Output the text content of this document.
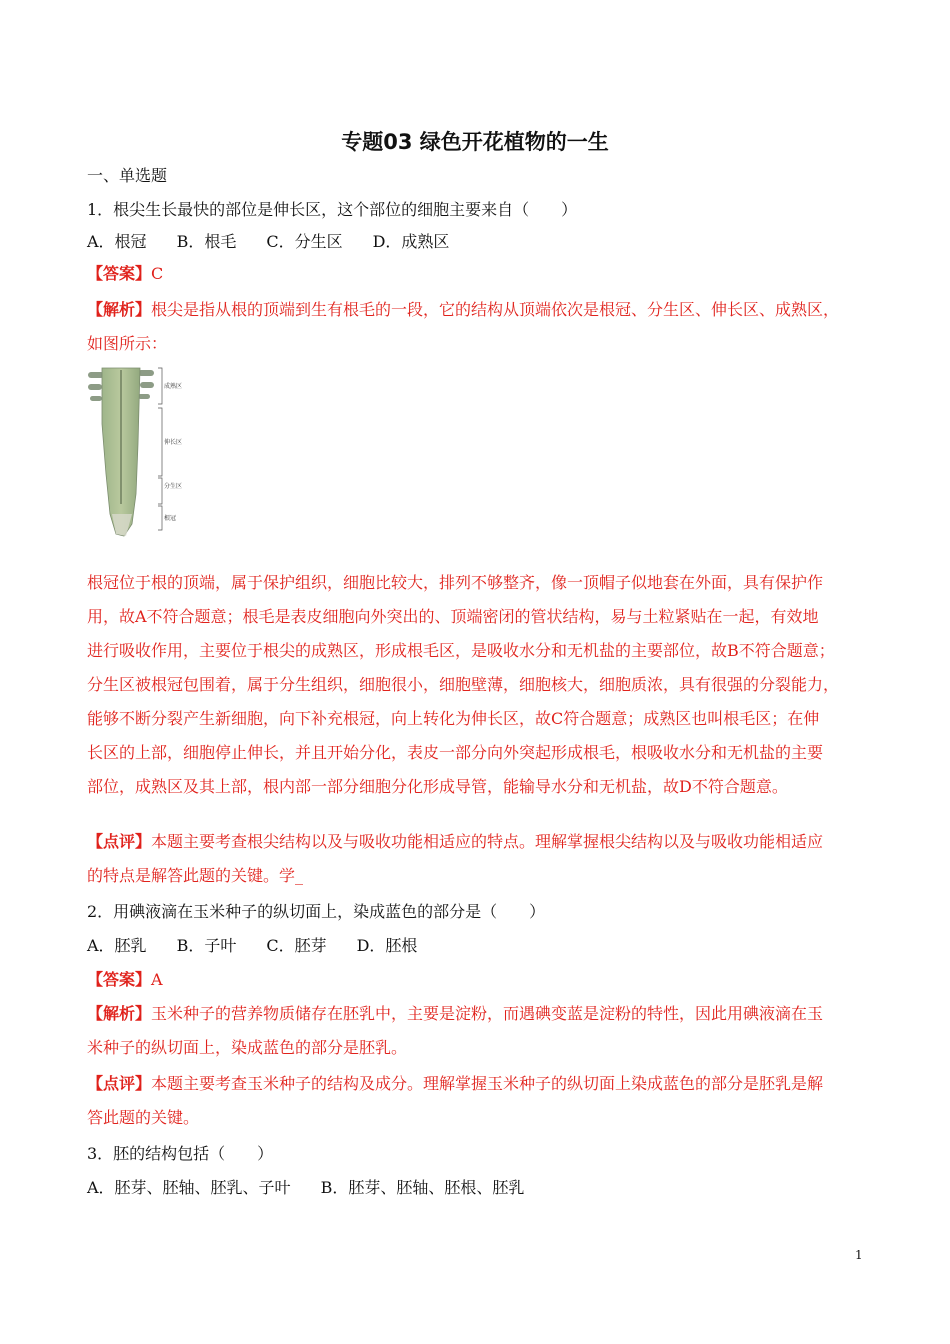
专题03 绿色开花植物的一生
一、单选题
1．根尖生长最快的部位是伸长区，这个部位的细胞主要来自（　　）
A．根冠 B．根毛 C．分生区 D．成熟区
【答案】C
【解析】根尖是指从根的顶端到生有根毛的一段，它的结构从顶端依次是根冠、分生区、伸长区、成熟区，
如图所示：
成熟区
伸长区
分生区
根冠
根冠位于根的顶端，属于保护组织，细胞比较大，排列不够整齐，像一顶帽子似地套在外面，具有保护作
用，故A不符合题意；根毛是表皮细胞向外突出的、顶端密闭的管状结构，易与土粒紧贴在一起，有效地
进行吸收作用，主要位于根尖的成熟区，形成根毛区，是吸收水分和无机盐的主要部位，故B不符合题意；
分生区被根冠包围着，属于分生组织，细胞很小，细胞壁薄，细胞核大，细胞质浓，具有很强的分裂能力，
能够不断分裂产生新细胞，向下补充根冠，向上转化为伸长区，故C符合题意；成熟区也叫根毛区；在伸
长区的上部，细胞停止伸长，并且开始分化，表皮一部分向外突起形成根毛，根吸收水分和无机盐的主要
部位，成熟区及其上部，根内部一部分细胞分化形成导管，能输导水分和无机盐，故D不符合题意。
【点评】本题主要考查根尖结构以及与吸收功能相适应的特点。理解掌握根尖结构以及与吸收功能相适应
的特点是解答此题的关键。学_
2．用碘液滴在玉米种子的纵切面上，染成蓝色的部分是（　　）
A．胚乳 B．子叶 C．胚芽 D．胚根
【答案】A
【解析】玉米种子的营养物质储存在胚乳中，主要是淀粉，而遇碘变蓝是淀粉的特性，因此用碘液滴在玉
米种子的纵切面上，染成蓝色的部分是胚乳。
【点评】本题主要考查玉米种子的结构及成分。理解掌握玉米种子的纵切面上染成蓝色的部分是胚乳是解
答此题的关键。
3．胚的结构包括（　　）
A．胚芽、胚轴、胚乳、子叶 B．胚芽、胚轴、胚根、胚乳
1
